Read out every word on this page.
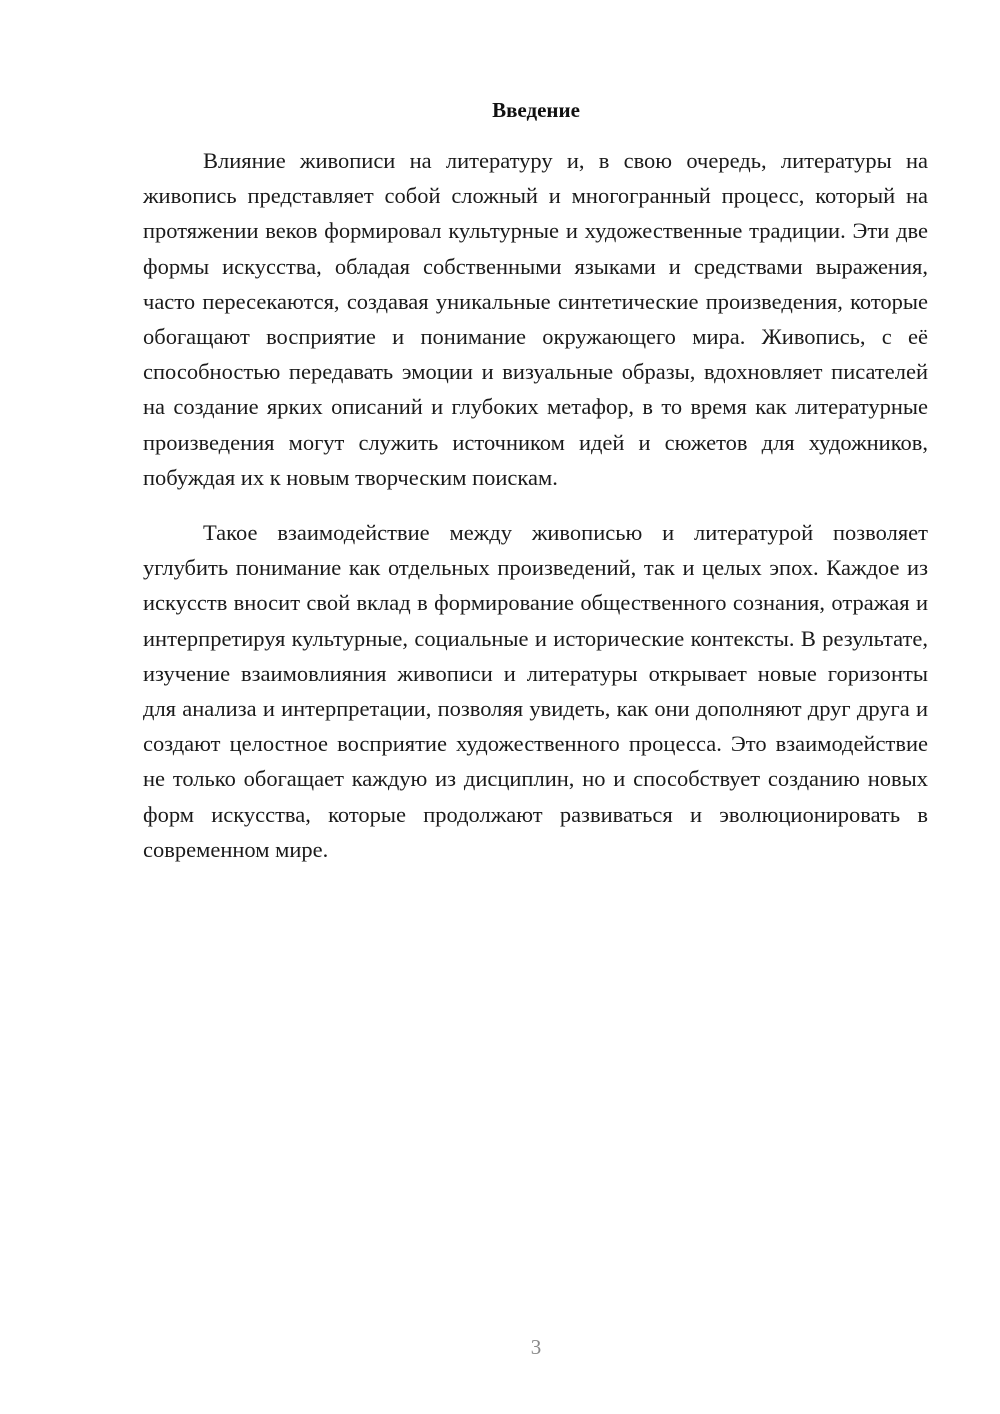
Введение

Влияние живописи на литературу и, в свою очередь, литературы на живопись представляет собой сложный и многогранный процесс, который на протяжении веков формировал культурные и художественные традиции. Эти две формы искусства, обладая собственными языками и средствами выражения, часто пересекаются, создавая уникальные синтетические произведения, которые обогащают восприятие и понимание окружающего мира. Живопись, с её способностью передавать эмоции и визуальные образы, вдохновляет писателей на создание ярких описаний и глубоких метафор, в то время как литературные произведения могут служить источником идей и сюжетов для художников, побуждая их к новым творческим поискам.

Такое взаимодействие между живописью и литературой позволяет углубить понимание как отдельных произведений, так и целых эпох. Каждое из искусств вносит свой вклад в формирование общественного сознания, отражая и интерпретируя культурные, социальные и исторические контексты. В результате, изучение взаимовлияния живописи и литературы открывает новые горизонты для анализа и интерпретации, позволяя увидеть, как они дополняют друг друга и создают целостное восприятие художественного процесса. Это взаимодействие не только обогащает каждую из дисциплин, но и способствует созданию новых форм искусства, которые продолжают развиваться и эволюционировать в современном мире.

3
